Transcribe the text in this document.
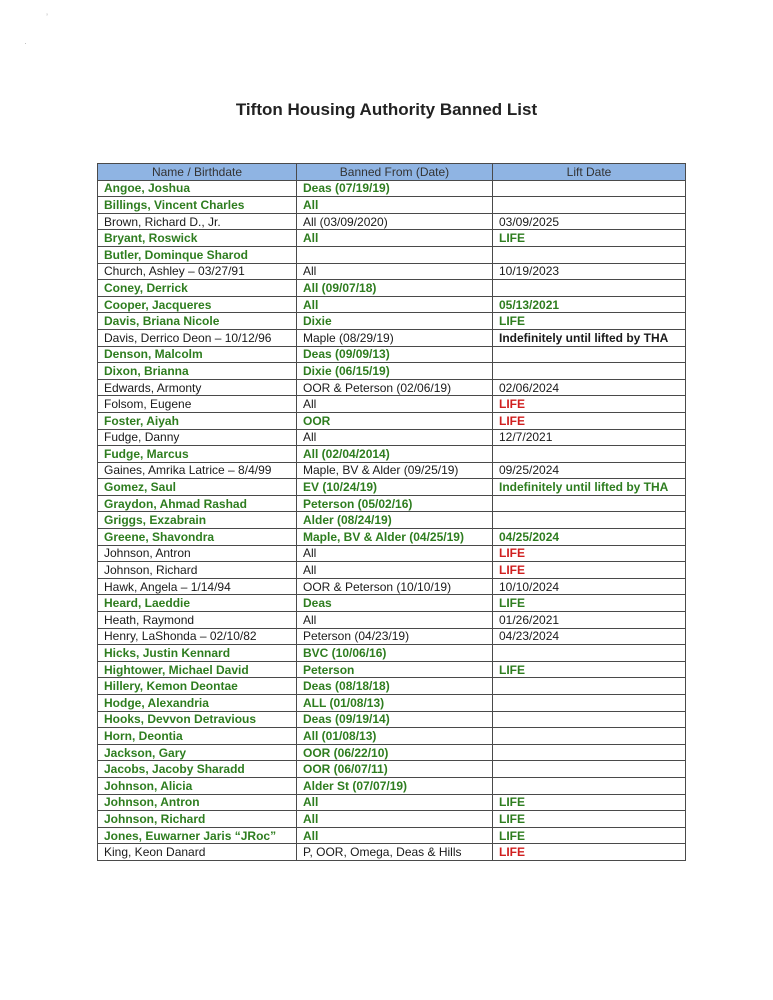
’
·
Tifton Housing Authority Banned List
Name / Birthdate	Banned From (Date)	Lift Date
Angoe, Joshua	Deas (07/19/19)	
Billings, Vincent Charles	All	
Brown, Richard D., Jr.	All (03/09/2020)	03/09/2025
Bryant, Roswick	All	LIFE
Butler, Dominque Sharod		
Church, Ashley – 03/27/91	All	10/19/2023
Coney, Derrick	All (09/07/18)	
Cooper, Jacqueres	All	05/13/2021
Davis, Briana Nicole	Dixie	LIFE
Davis, Derrico Deon – 10/12/96	Maple (08/29/19)	Indefinitely until lifted by THA
Denson, Malcolm	Deas (09/09/13)	
Dixon, Brianna	Dixie (06/15/19)	
Edwards, Armonty	OOR & Peterson (02/06/19)	02/06/2024
Folsom, Eugene	All	LIFE
Foster, Aiyah	OOR	LIFE
Fudge, Danny	All	12/7/2021
Fudge, Marcus	All (02/04/2014)	
Gaines, Amrika Latrice – 8/4/99	Maple, BV & Alder (09/25/19)	09/25/2024
Gomez, Saul	EV (10/24/19)	Indefinitely until lifted by THA
Graydon, Ahmad Rashad	Peterson (05/02/16)	
Griggs, Exzabrain	Alder (08/24/19)	
Greene, Shavondra	Maple, BV & Alder (04/25/19)	04/25/2024
Johnson, Antron	All	LIFE
Johnson, Richard	All	LIFE
Hawk, Angela – 1/14/94	OOR & Peterson (10/10/19)	10/10/2024
Heard, Laeddie	Deas	LIFE
Heath, Raymond	All	01/26/2021
Henry, LaShonda – 02/10/82	Peterson (04/23/19)	04/23/2024
Hicks, Justin Kennard	BVC (10/06/16)	
Hightower, Michael David	Peterson	LIFE
Hillery, Kemon Deontae	Deas (08/18/18)	
Hodge, Alexandria	ALL (01/08/13)	
Hooks, Devvon Detravious	Deas (09/19/14)	
Horn, Deontia	All (01/08/13)	
Jackson, Gary	OOR (06/22/10)	
Jacobs, Jacoby Sharadd	OOR (06/07/11)	
Johnson, Alicia	Alder St (07/07/19)	
Johnson, Antron	All	LIFE
Johnson, Richard	All	LIFE
Jones, Euwarner Jaris “JRoc”	All	LIFE
King, Keon Danard	P, OOR, Omega, Deas & Hills	LIFE
